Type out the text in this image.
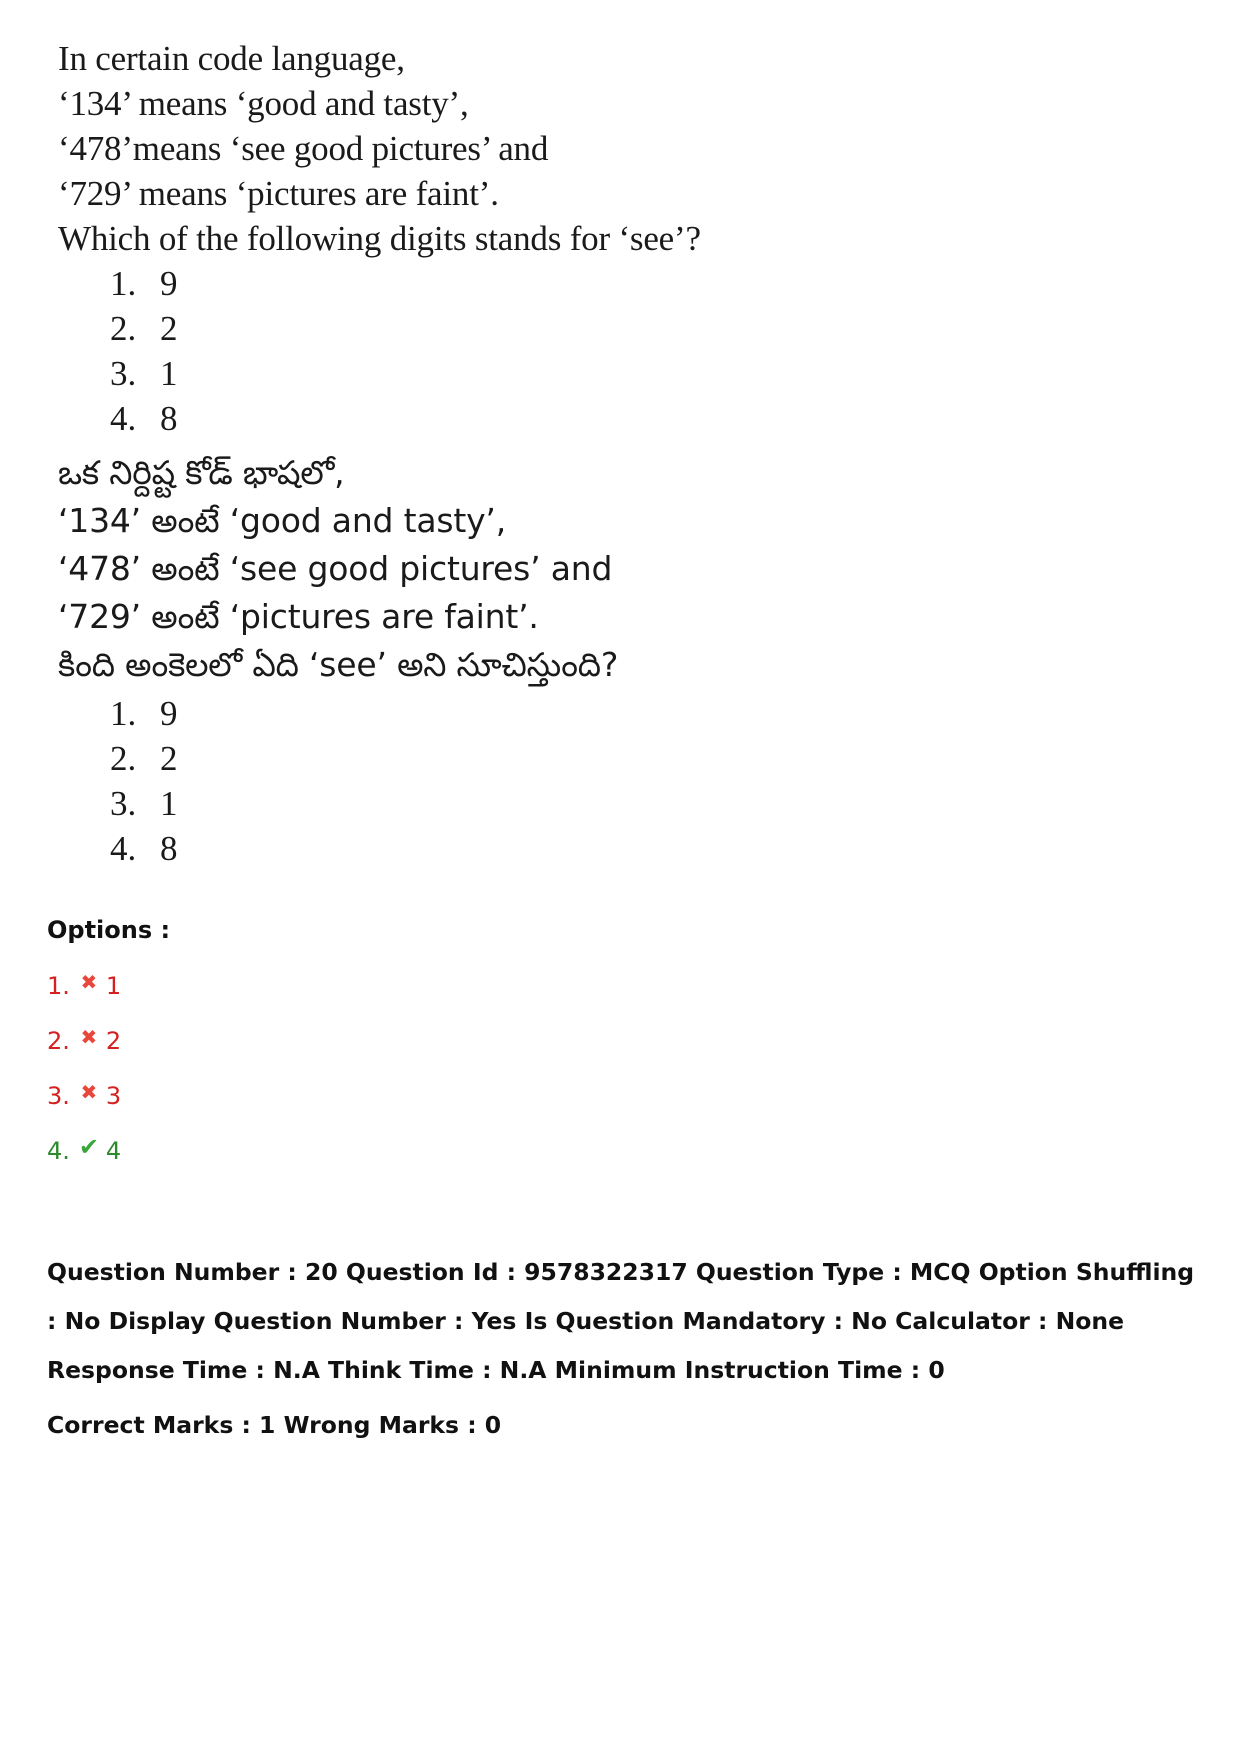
In certain code language,
‘134’ means ‘good and tasty’,
‘478’means ‘see good pictures’ and
‘729’ means ‘pictures are faint’.
Which of the following digits stands for ‘see’?
1. 9
2. 2
3. 1
4. 8
ఒక నిర్దిష్ట కోడ్ భాషలో,
‘134’ అంటే ‘good and tasty’,
‘478’ అంటే ‘see good pictures’ and
‘729’ అంటే ‘pictures are faint’.
కింది అంకెలలో ఏది ‘see’ అని సూచిస్తుంది?
1. 9
2. 2
3. 1
4. 8
Options :
1. ✖ 1
2. ✖ 2
3. ✖ 3
4. ✔ 4
Question Number : 20 Question Id : 9578322317 Question Type : MCQ Option Shuffling : No Display Question Number : Yes Is Question Mandatory : No Calculator : None Response Time : N.A Think Time : N.A Minimum Instruction Time : 0
Correct Marks : 1 Wrong Marks : 0
